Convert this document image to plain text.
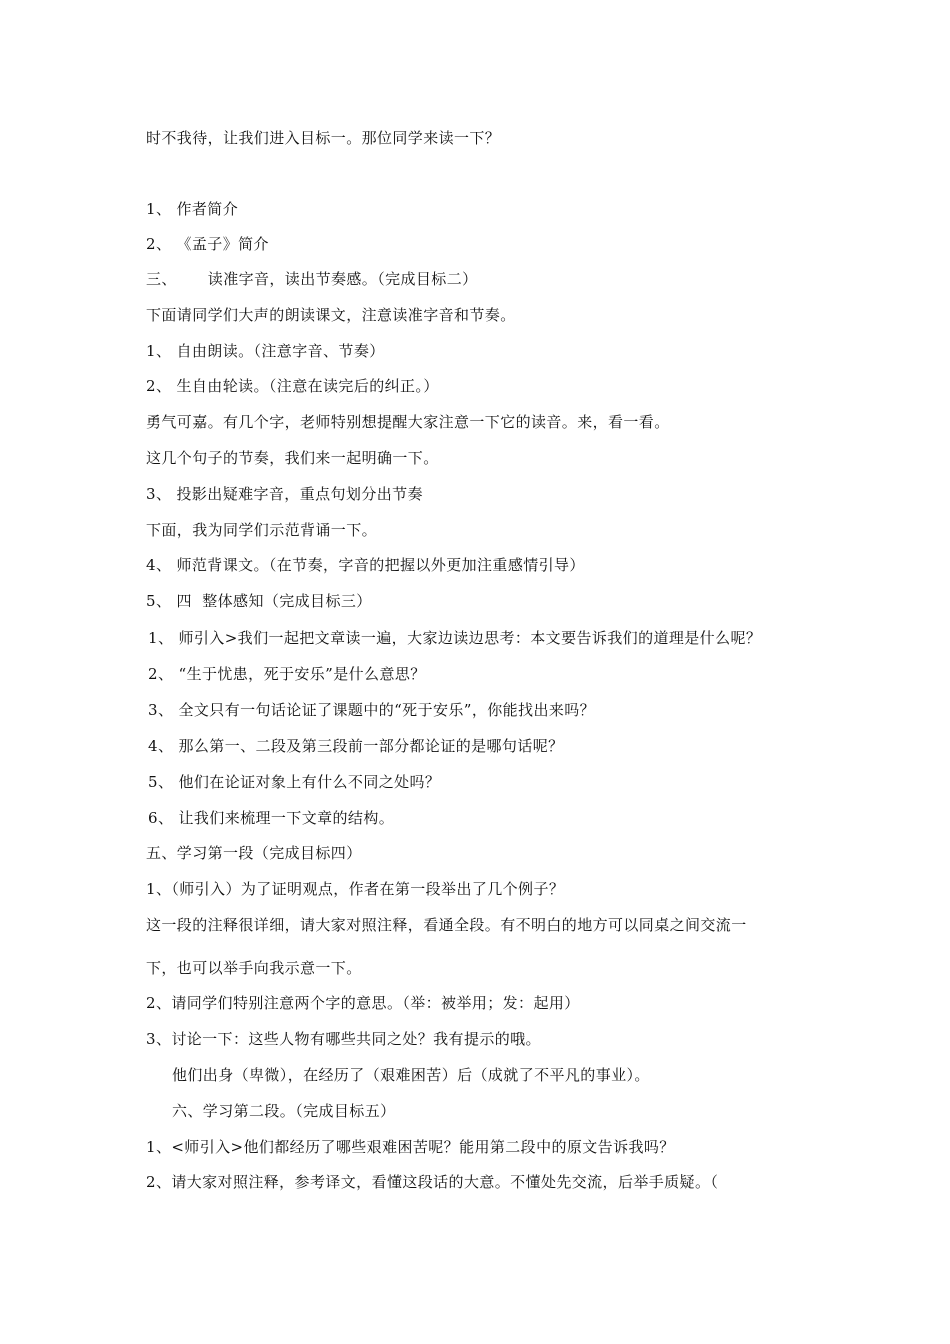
时不我待，让我们进入目标一。那位同学来读一下？
1、 作者简介
2、 《孟子》简介
三、      读准字音，读出节奏感。（完成目标二）
下面请同学们大声的朗读课文，注意读准字音和节奏。
1、 自由朗读。（注意字音、节奏）
2、 生自由轮读。（注意在读完后的纠正。）
勇气可嘉。有几个字，老师特别想提醒大家注意一下它的读音。来，看一看。
这几个句子的节奏，我们来一起明确一下。
3、 投影出疑难字音，重点句划分出节奏
下面，我为同学们示范背诵一下。
4、 师范背课文。（在节奏，字音的把握以外更加注重感情引导）
5、 四  整体感知（完成目标三）
1、 师引入>我们一起把文章读一遍，大家边读边思考：本文要告诉我们的道理是什么呢？
2、 “生于忧患，死于安乐”是什么意思？
3、 全文只有一句话论证了课题中的“死于安乐”，你能找出来吗？
4、 那么第一、二段及第三段前一部分都论证的是哪句话呢？
5、 他们在论证对象上有什么不同之处吗？
6、 让我们来梳理一下文章的结构。
五、学习第一段（完成目标四）
1、（师引入）为了证明观点，作者在第一段举出了几个例子？
这一段的注释很详细，请大家对照注释，看通全段。有不明白的地方可以同桌之间交流一
下，也可以举手向我示意一下。
2、请同学们特别注意两个字的意思。（举：被举用；发：起用）
3、讨论一下：这些人物有哪些共同之处？我有提示的哦。
他们出身（卑微），在经历了（艰难困苦）后（成就了不平凡的事业）。
六、学习第二段。（完成目标五）
1、<师引入>他们都经历了哪些艰难困苦呢？能用第二段中的原文告诉我吗？
2、请大家对照注释，参考译文，看懂这段话的大意。不懂处先交流，后举手质疑。（
